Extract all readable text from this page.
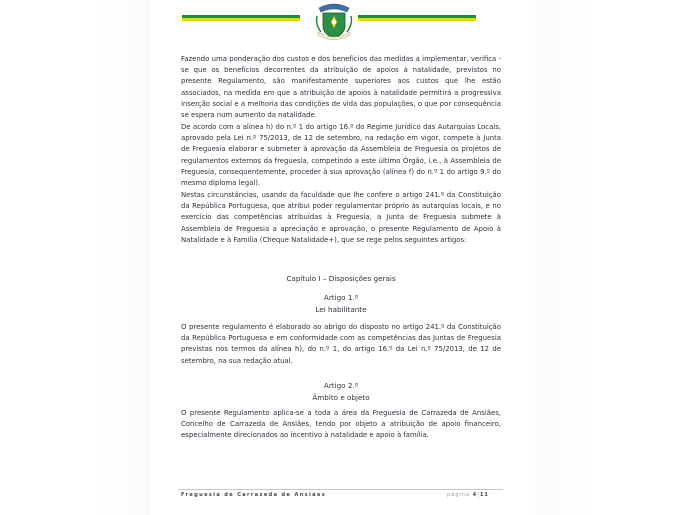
Fazendo uma ponderação dos custos e dos benefícios das medidas a implementar, verifica -se que os benefícios decorrentes da atribuição de apoios à natalidade, previstos no presente Regulamento, são manifestamente superiores aos custos que lhe estão associados, na medida em que a atribuição de apoios à natalidade permitirá a progressiva inserção social e a melhoria das condições de vida das populações, o que por consequência se espera num aumento da natalidade.
De acordo com a alínea h) do n.º 1 do artigo 16.º do Regime Jurídico das Autarquias Locais, aprovado pela Lei n.º 75/2013, de 12 de setembro, na redação em vigor, compete à Junta de Freguesia elaborar e submeter à aprovação da Assembleia de Freguesia os projetos de regulamentos externos da freguesia, competindo a este último Órgão, i.e., à Assembleia de Freguesia, consequentemente, proceder à sua aprovação (alínea f) do n.º 1 do artigo 9.º do mesmo diploma legal).
Nestas circunstâncias, usando da faculdade que lhe confere o artigo 241.º da Constituição da República Portuguesa, que atribui poder regulamentar próprio às autarquias locais, e no exercício das competências atribuídas à Freguesia, a Junta de Freguesia submete à Assembleia de Freguesia a apreciação e aprovação, o presente Regulamento de Apoio à Natalidade e à Família (Cheque Natalidade+), que se rege pelos seguintes artigos:
Capítulo I – Disposições gerais
Artigo 1.º
Lei habilitante
O presente regulamento é elaborado ao abrigo do disposto no artigo 241.º da Constituição da República Portuguesa e em conformidade com as competências das Juntas de Freguesia previstas nos termos da alínea h), do n.º 1, do artigo 16.º da Lei n.º 75/2013, de 12 de setembro, na sua redação atual.
Artigo 2.º
Âmbito e objeto
O presente Regulamento aplica-se a toda a área da Freguesia de Carrazeda de Ansiães, Concelho de Carrazeda de Ansiães, tendo por objeto a atribuição de apoio financeiro, especialmente direcionados ao incentivo à natalidade e apoio à família.
Freguesia de Carrazeda de Ansiães	página 4|11
